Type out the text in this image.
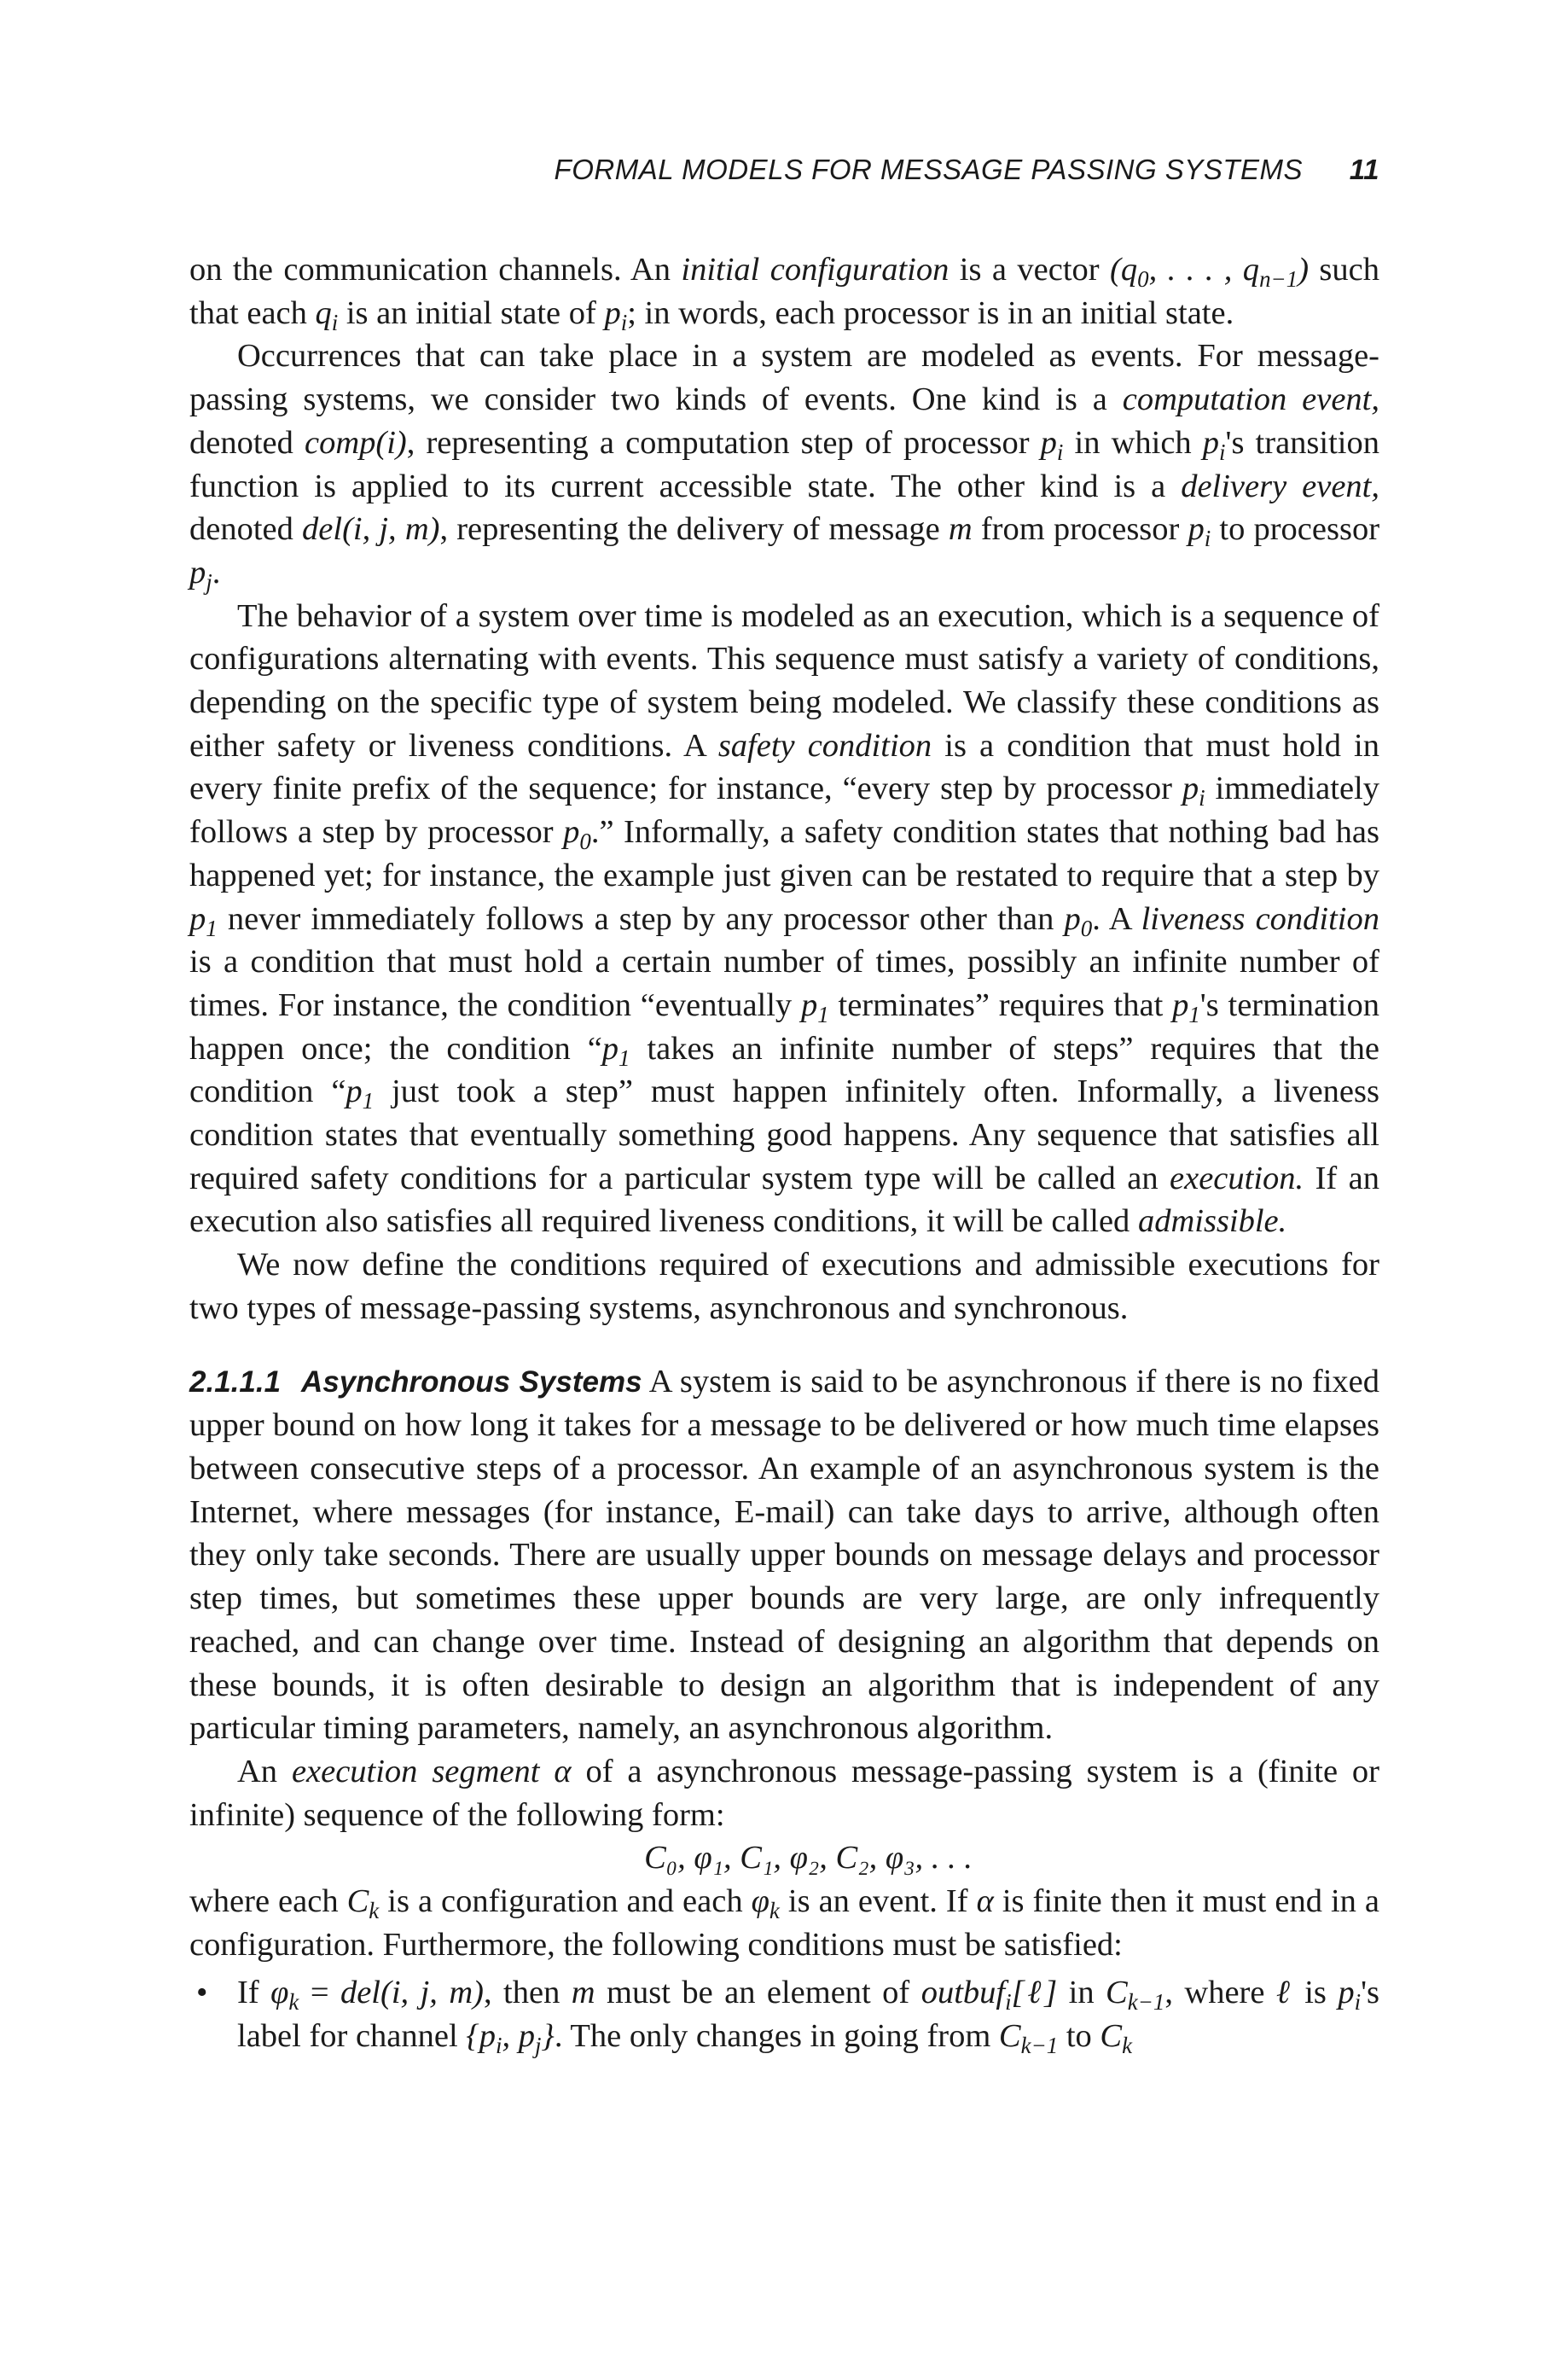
FORMAL MODELS FOR MESSAGE PASSING SYSTEMS 11

on the communication channels. An initial configuration is a vector ($q_0$, . . . , $q_{n-1}$) such that each $q_i$ is an initial state of $p_i$; in words, each processor is in an initial state.

Occurrences that can take place in a system are modeled as events. For message-passing systems, we consider two kinds of events. One kind is a computation event, denoted comp(i), representing a computation step of processor $p_i$ in which $p_i's$ transition function is applied to its current accessible state. The other kind is a delivery event, denoted del(i, j, m), representing the delivery of message m from processor $p_i$ to processor $p_j$.

The behavior of a system over time is modeled as an execution, which is a sequence of configurations alternating with events. This sequence must satisfy a variety of conditions, depending on the specific type of system being modeled. We classify these conditions as either safety or liveness conditions. A safety condition is a condition that must hold in every finite prefix of the sequence; for instance, “every step by processor $p_i$ immediately follows a step by processor $p_0$.” Informally, a safety condition states that nothing bad has happened yet; for instance, the example just given can be restated to require that a step by $p_1$ never immediately follows a step by any processor other than $p_0$. A liveness condition is a condition that must hold a certain number of times, possibly an infinite number of times. For instance, the condition “eventually $p_1$ terminates” requires that $p_1's$ termination happen once; the condition “$p_1$ takes an infinite number of steps” requires that the condition “$p_1$ just took a step” must happen infinitely often. Informally, a liveness condition states that eventually something good happens. Any sequence that satisfies all required safety conditions for a particular system type will be called an execution. If an execution also satisfies all required liveness conditions, it will be called admissible.

We now define the conditions required of executions and admissible executions for two types of message-passing systems, asynchronous and synchronous.

2.1.1.1 Asynchronous Systems A system is said to be asynchronous if there is no fixed upper bound on how long it takes for a message to be delivered or how much time elapses between consecutive steps of a processor. An example of an asynchronous system is the Internet, where messages (for instance, E-mail) can take days to arrive, although often they only take seconds. There are usually upper bounds on message delays and processor step times, but sometimes these upper bounds are very large, are only infrequently reached, and can change over time. Instead of designing an algorithm that depends on these bounds, it is often desirable to design an algorithm that is independent of any particular timing parameters, namely, an asynchronous algorithm.

An execution segment α of a asynchronous message-passing system is a (finite or infinite) sequence of the following form:

C₀, φ₁, C₁, φ₂, C₂, φ₃, . . .

where each $C_k$ is a configuration and each $\varphi_k$ is an event. If α is finite then it must end in a configuration. Furthermore, the following conditions must be satisfied:

• If $\varphi_k = del(i$, j, m), then m must be an element of outbuf$_i$[ℓ] in $C_{k-1}$, where ℓ is $p_i's$ label for channel {$p_i$, $p_j$}. The only changes in going from $C_{k-1}$ to $C_k$
